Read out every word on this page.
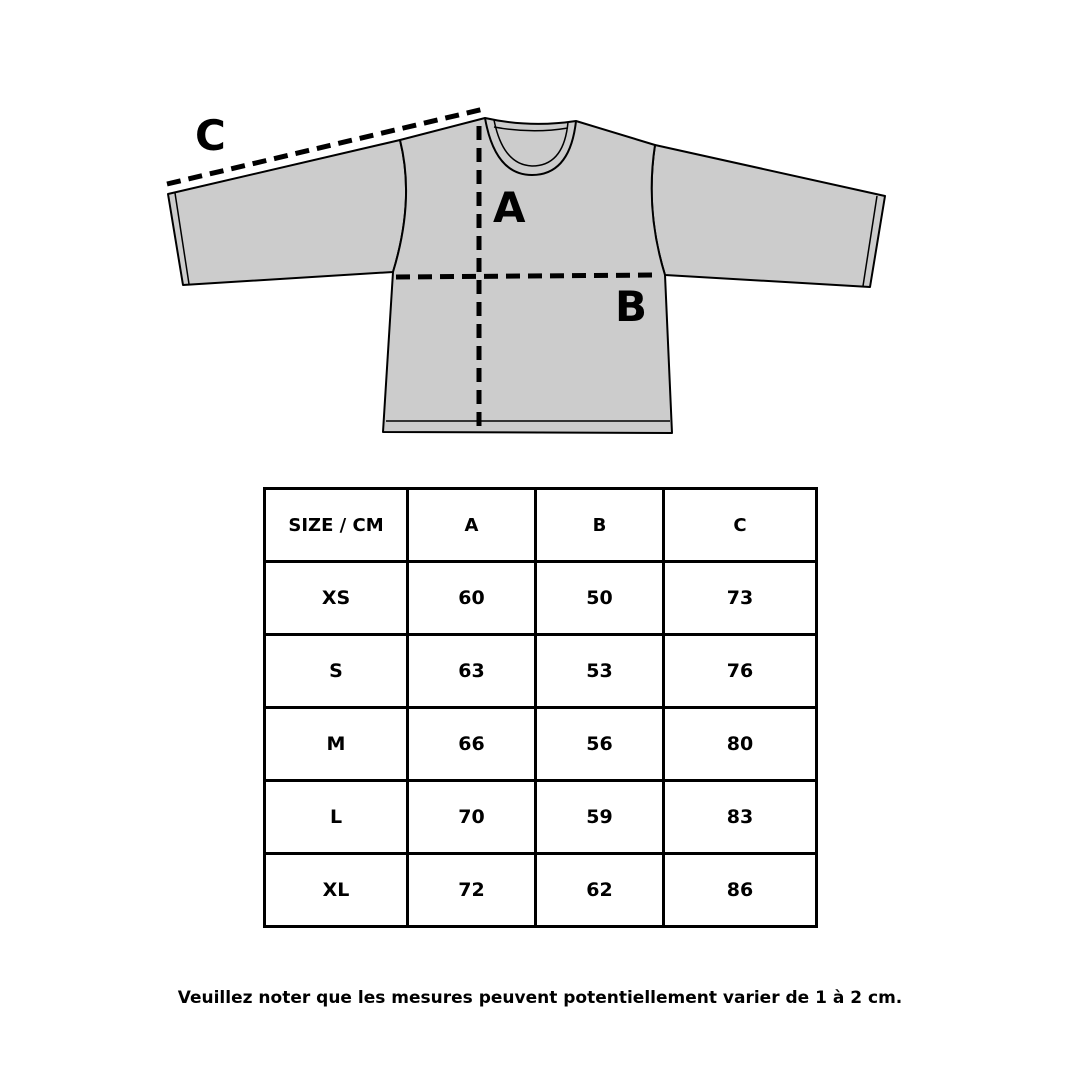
C
A
B
SIZE / CM	A	B	C
XS	60	50	73
S	63	53	76
M	66	56	80
L	70	59	83
XL	72	62	86
Veuillez noter que les mesures peuvent potentiellement varier de 1 à 2 cm.
